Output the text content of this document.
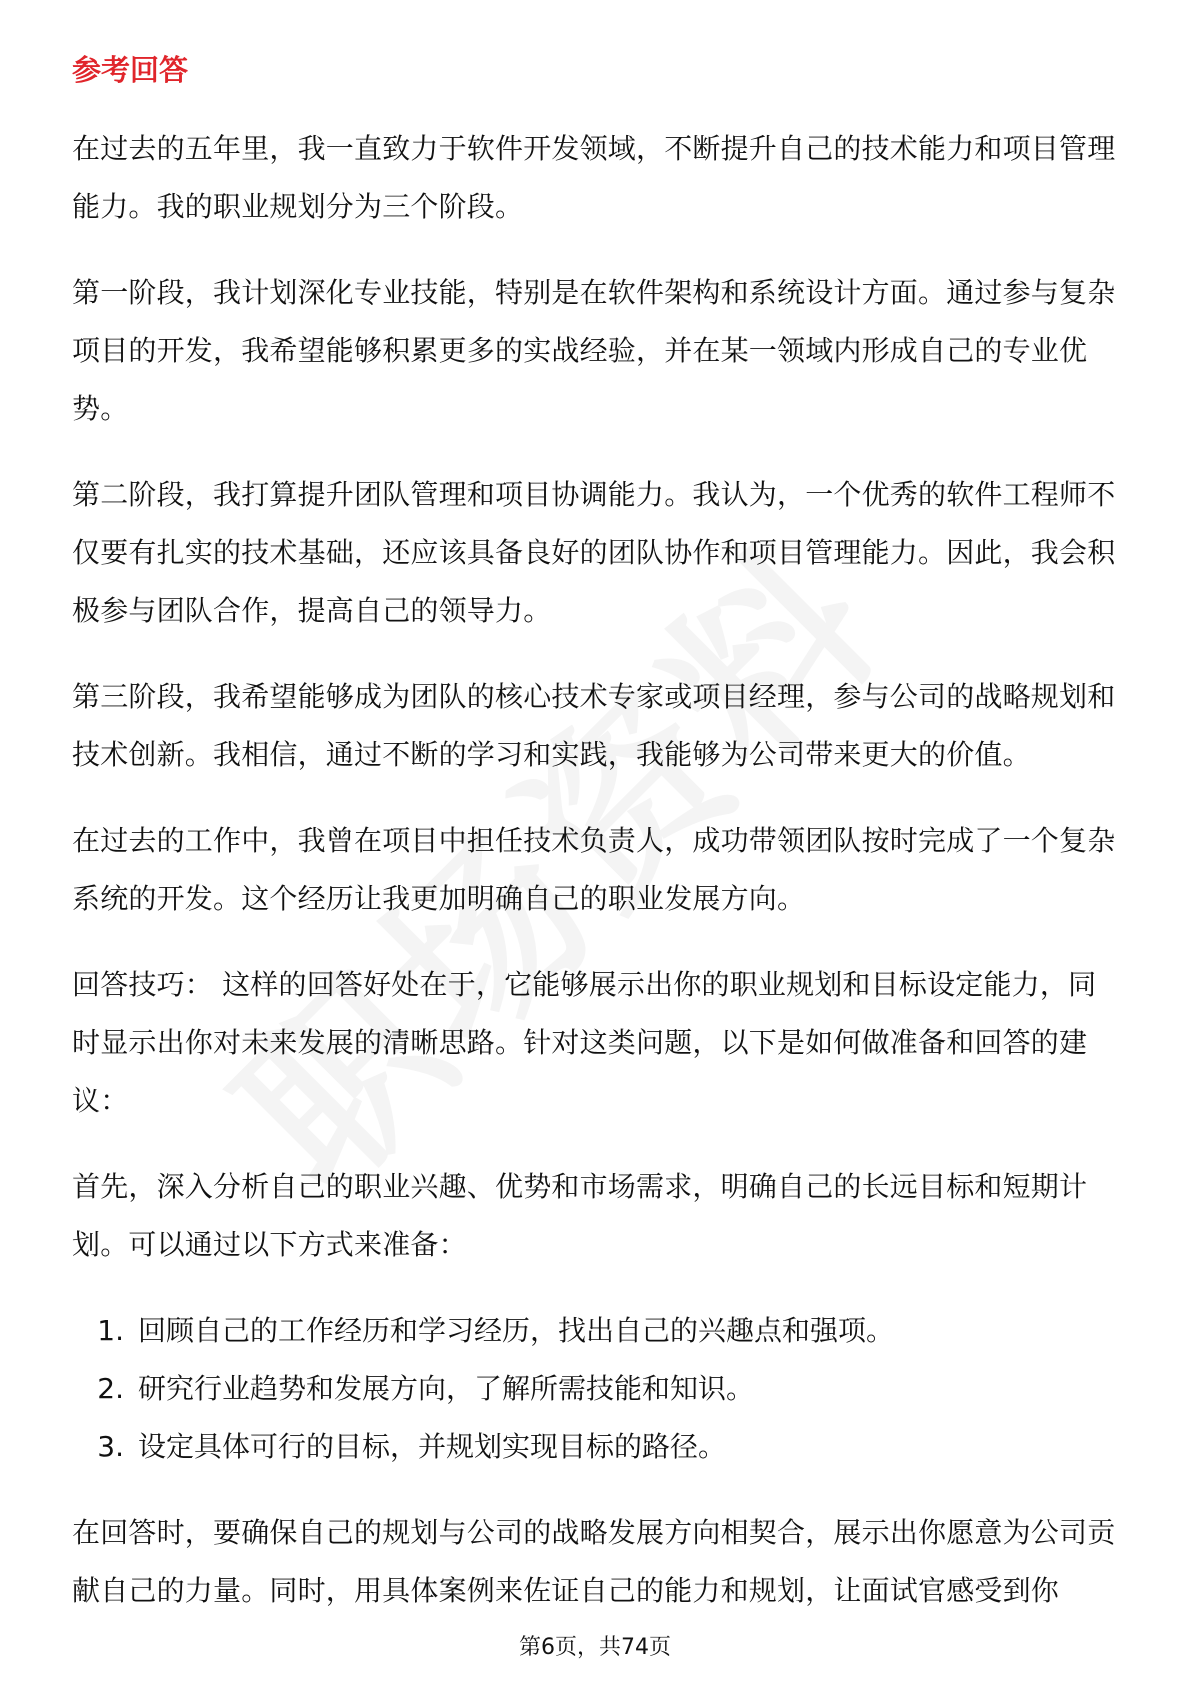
参考回答

在过去的五年里，我一直致力于软件开发领域，不断提升自己的技术能力和项目管理能力。我的职业规划分为三个阶段。

第一阶段，我计划深化专业技能，特别是在软件架构和系统设计方面。通过参与复杂项目的开发，我希望能够积累更多的实战经验，并在某一领域内形成自己的专业优势。

第二阶段，我打算提升团队管理和项目协调能力。我认为，一个优秀的软件工程师不仅要有扎实的技术基础，还应该具备良好的团队协作和项目管理能力。因此，我会积极参与团队合作，提高自己的领导力。

第三阶段，我希望能够成为团队的核心技术专家或项目经理，参与公司的战略规划和技术创新。我相信，通过不断的学习和实践，我能够为公司带来更大的价值。

在过去的工作中，我曾在项目中担任技术负责人，成功带领团队按时完成了一个复杂系统的开发。这个经历让我更加明确自己的职业发展方向。

回答技巧： 这样的回答好处在于，它能够展示出你的职业规划和目标设定能力，同时显示出你对未来发展的清晰思路。针对这类问题，以下是如何做准备和回答的建议：

首先，深入分析自己的职业兴趣、优势和市场需求，明确自己的长远目标和短期计划。可以通过以下方式来准备：

1. 回顾自己的工作经历和学习经历，找出自己的兴趣点和强项。
2. 研究行业趋势和发展方向，了解所需技能和知识。
3. 设定具体可行的目标，并规划实现目标的路径。

在回答时，要确保自己的规划与公司的战略发展方向相契合，展示出你愿意为公司贡献自己的力量。同时，用具体案例来佐证自己的能力和规划，让面试官感受到你

第6页，共74页
